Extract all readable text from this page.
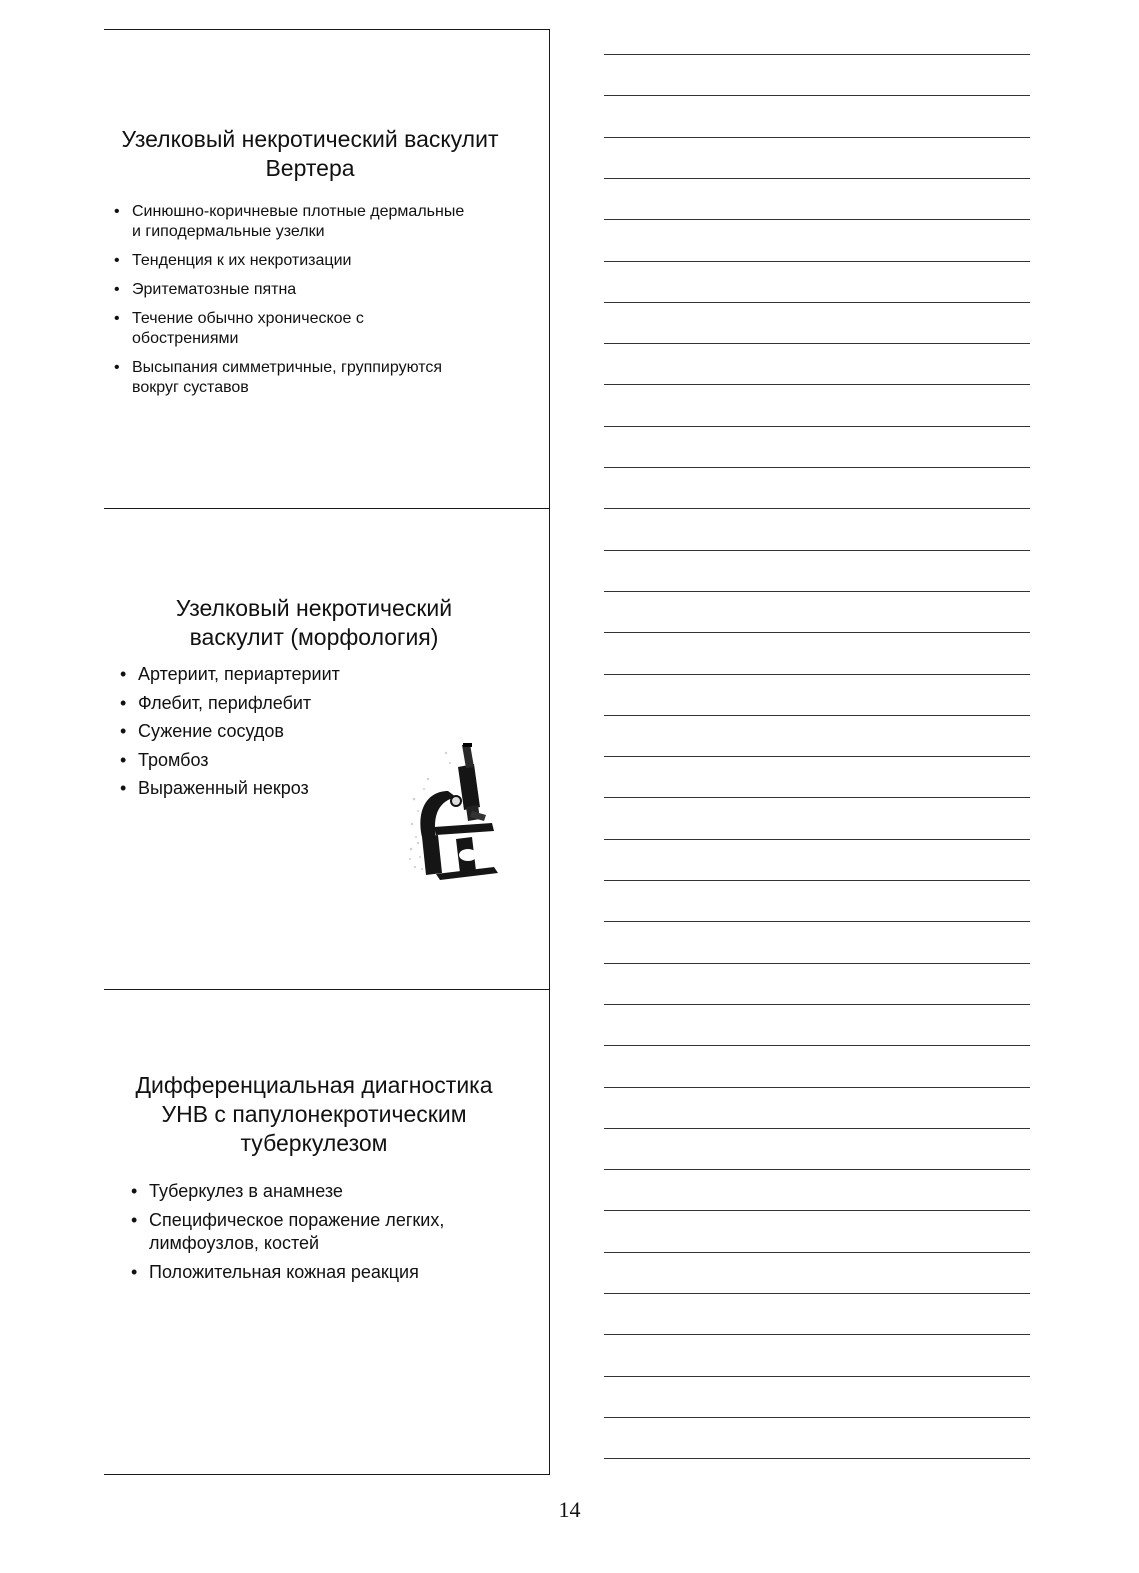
Узелковый некротический васкулит
Вертера
• Синюшно-коричневые плотные дермальные
и гиподермальные узелки
• Тенденция к их некротизации
• Эритематозные пятна
• Течение обычно хроническое с
обострениями
• Высыпания симметричные, группируются
вокруг суставов
Узелковый некротический
васкулит (морфология)
• Артериит, периартериит
• Флебит, перифлебит
• Сужение сосудов
• Тромбоз
• Выраженный некроз
Дифференциальная диагностика
УНВ с папулонекротическим
туберкулезом
• Туберкулез в анамнезе
• Специфическое поражение легких,
лимфоузлов, костей
• Положительная кожная реакция
14
